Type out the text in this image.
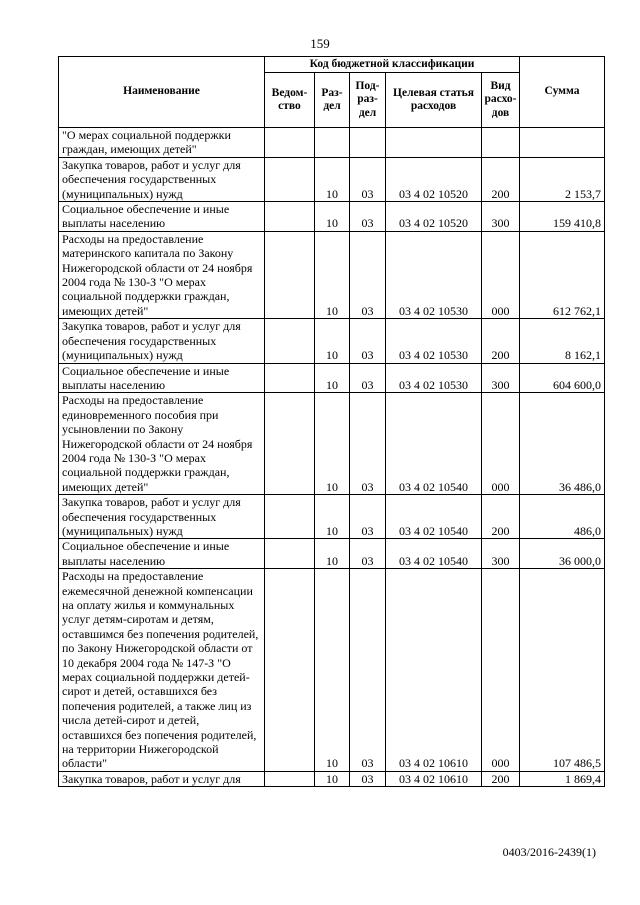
159
Наименование	Код бюджетной классификации					Сумма
	Ведом-ство	Раз-дел	Под-раз-дел	Целевая статья расходов	Вид расхо-дов	
"О мерах социальной поддержки граждан, имеющих детей"						
Закупка товаров, работ и услуг для обеспечения государственных (муниципальных) нужд		10	03	03 4 02 10520	200	2 153,7
Социальное обеспечение и иные выплаты населению		10	03	03 4 02 10520	300	159 410,8
Расходы на предоставление материнского капитала по Закону Нижегородской области от 24 ноября 2004 года № 130-З "О мерах социальной поддержки граждан, имеющих детей"		10	03	03 4 02 10530	000	612 762,1
Закупка товаров, работ и услуг для обеспечения государственных (муниципальных) нужд		10	03	03 4 02 10530	200	8 162,1
Социальное обеспечение и иные выплаты населению		10	03	03 4 02 10530	300	604 600,0
Расходы на предоставление единовременного пособия при усыновлении по Закону Нижегородской области от 24 ноября 2004 года № 130-З "О мерах социальной поддержки граждан, имеющих детей"		10	03	03 4 02 10540	000	36 486,0
Закупка товаров, работ и услуг для обеспечения государственных (муниципальных) нужд		10	03	03 4 02 10540	200	486,0
Социальное обеспечение и иные выплаты населению		10	03	03 4 02 10540	300	36 000,0
Расходы на предоставление ежемесячной денежной компенсации на оплату жилья и коммунальных услуг детям-сиротам и детям, оставшимся без попечения родителей, по Закону Нижегородской области от 10 декабря 2004 года № 147-З "О мерах социальной поддержки детей-сирот и детей, оставшихся без попечения родителей, а также лиц из числа детей-сирот и детей, оставшихся без попечения родителей, на территории Нижегородской области"		10	03	03 4 02 10610	000	107 486,5
Закупка товаров, работ и услуг для		10	03	03 4 02 10610	200	1 869,4
0403/2016-2439(1)
